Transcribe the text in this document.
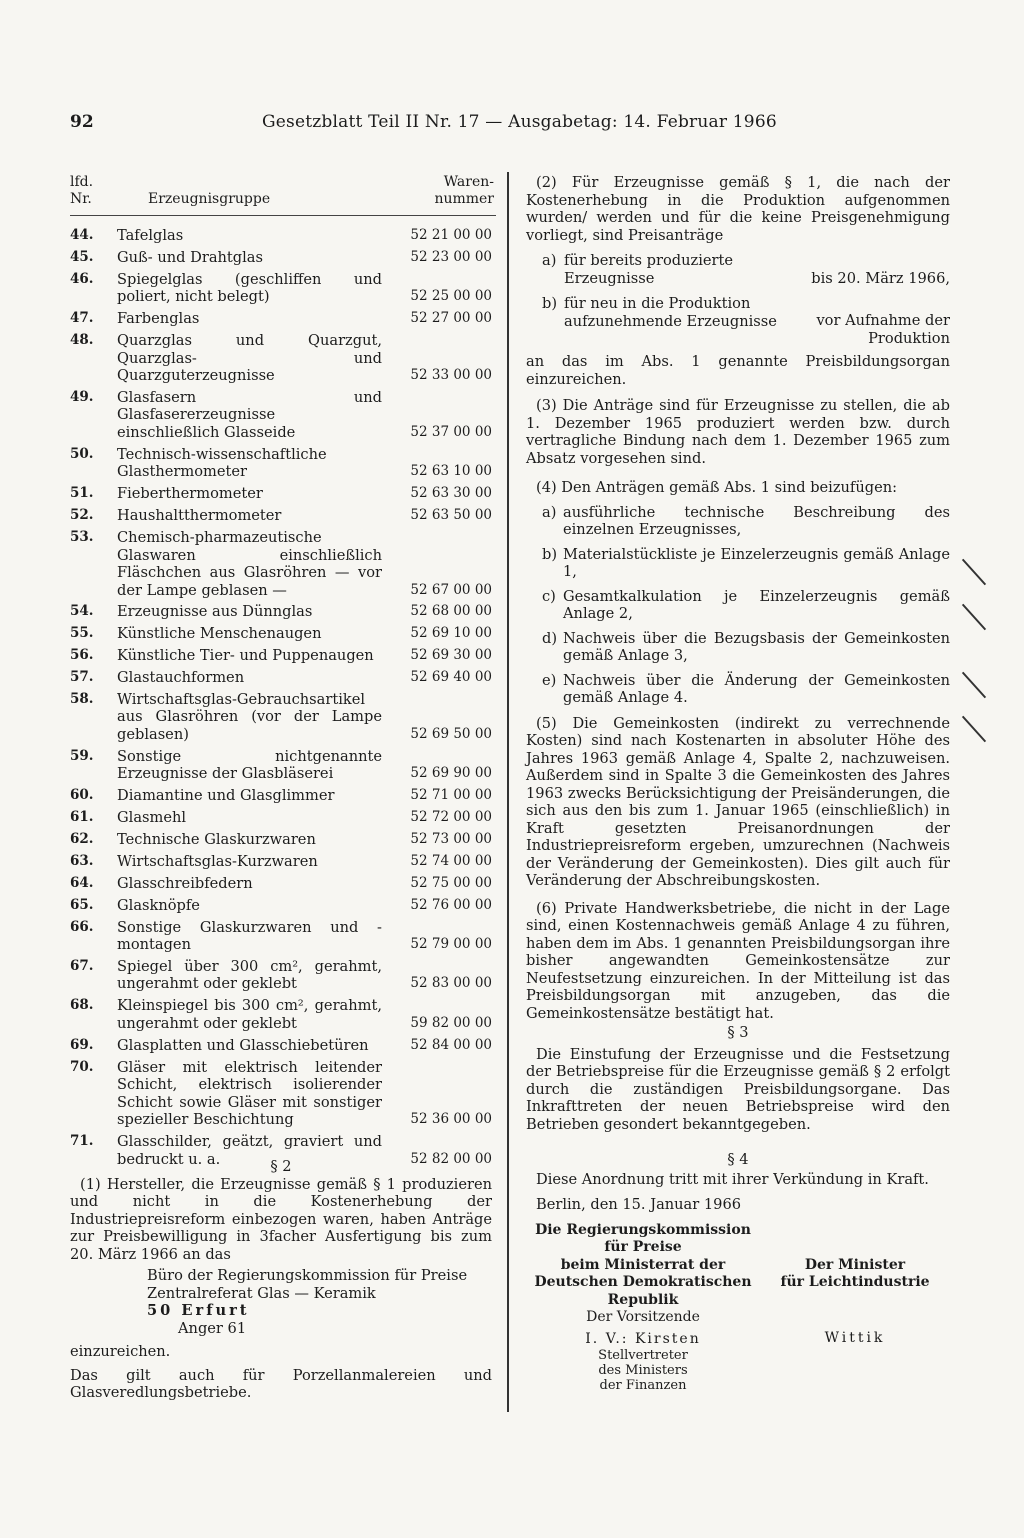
92	Gesetzblatt Teil II Nr. 17 — Ausgabetag: 14. Februar 1966
lfd.
Nr.	Erzeugnisgruppe
Waren-
nummer
44. Tafelglas	52 21 00 00
45. Guß- und Drahtglas	52 23 00 00
46. Spiegelglas (geschliffen und poliert, nicht belegt)	52 25 00 00
47. Farbenglas	52 27 00 00
48. Quarzglas und Quarzgut, Quarzglas- und Quarzguterzeugnisse	52 33 00 00
49. Glasfasern und Glasfasererzeugnisse einschließlich Glasseide	52 37 00 00
50. Technisch-wissenschaftliche Glasthermometer	52 63 10 00
51. Fieberthermometer	52 63 30 00
52. Haushaltthermometer	52 63 50 00
53. Chemisch-pharmazeutische Glaswaren einschließlich Fläschchen aus Glasröhren — vor der Lampe geblasen —	52 67 00 00
54. Erzeugnisse aus Dünnglas	52 68 00 00
55. Künstliche Menschenaugen	52 69 10 00
56. Künstliche Tier- und Puppenaugen	52 69 30 00
57. Glastauchformen	52 69 40 00
58. Wirtschaftsglas-Gebrauchsartikel aus Glasröhren (vor der Lampe geblasen)	52 69 50 00
59. Sonstige nichtgenannte Erzeugnisse der Glasbläserei	52 69 90 00
60. Diamantine und Glasglimmer	52 71 00 00
61. Glasmehl	52 72 00 00
62. Technische Glaskurzwaren	52 73 00 00
63. Wirtschaftsglas-Kurzwaren	52 74 00 00
64. Glasschreibfedern	52 75 00 00
65. Glasknöpfe	52 76 00 00
66. Sonstige Glaskurzwaren und -montagen	52 79 00 00
67. Spiegel über 300 cm², gerahmt, ungerahmt oder geklebt	52 83 00 00
68. Kleinspiegel bis 300 cm², gerahmt, ungerahmt oder geklebt	59 82 00 00
69. Glasplatten und Glasschiebetüren	52 84 00 00
70. Gläser mit elektrisch leitender Schicht, elektrisch isolierender Schicht sowie Gläser mit sonstiger spezieller Beschichtung	52 36 00 00
71. Glasschilder, geätzt, graviert und bedruckt u. a.	52 82 00 00
§ 2
(1) Hersteller, die Erzeugnisse gemäß § 1 produzieren und nicht in die Kostenerhebung der Industriepreisreform einbezogen waren, haben Anträge zur Preisbewilligung in 3facher Ausfertigung bis zum 20. März 1966 an das
Büro der Regierungskommission für Preise
Zentralreferat Glas — Keramik
50 Erfurt
Anger 61
einzureichen.
Das gilt auch für Porzellanmalereien und Glasveredlungsbetriebe.

(2) Für Erzeugnisse gemäß § 1, die nach der Kostenerhebung in die Produktion aufgenommen wurden/ werden und für die keine Preisgenehmigung vorliegt, sind Preisanträge

a) für bereits produzierte Erzeugnisse	bis 20. März 1966,
b) für neu in die Produktion aufzunehmende Erzeugnisse	vor Aufnahme der Produktion

an das im Abs. 1 genannte Preisbildungsorgan einzureichen.

(3) Die Anträge sind für Erzeugnisse zu stellen, die ab 1. Dezember 1965 produziert werden bzw. durch vertragliche Bindung nach dem 1. Dezember 1965 zum Absatz vorgesehen sind.

(4) Den Anträgen gemäß Abs. 1 sind beizufügen:

a) ausführliche technische Beschreibung des einzelnen Erzeugnisses,
b) Materialstückliste je Einzelerzeugnis gemäß Anlage 1,
c) Gesamtkalkulation je Einzelerzeugnis gemäß Anlage 2,
d) Nachweis über die Bezugsbasis der Gemeinkosten gemäß Anlage 3,
e) Nachweis über die Änderung der Gemeinkosten gemäß Anlage 4.

(5) Die Gemeinkosten (indirekt zu verrechnende Kosten) sind nach Kostenarten in absoluter Höhe des Jahres 1963 gemäß Anlage 4, Spalte 2, nachzuweisen. Außerdem sind in Spalte 3 die Gemeinkosten des Jahres 1963 zwecks Berücksichtigung der Preisänderungen, die sich aus den bis zum 1. Januar 1965 (einschließlich) in Kraft gesetzten Preisanordnungen der Industriepreisreform ergeben, umzurechnen (Nachweis der Veränderung der Gemeinkosten). Dies gilt auch für Veränderung der Abschreibungskosten.

(6) Private Handwerksbetriebe, die nicht in der Lage sind, einen Kostennachweis gemäß Anlage 4 zu führen, haben dem im Abs. 1 genannten Preisbildungsorgan ihre bisher angewandten Gemeinkostensätze zur Neufestsetzung einzureichen. In der Mitteilung ist das Preisbildungsorgan mit anzugeben, das die Gemeinkostensätze bestätigt hat.

§ 3

Die Einstufung der Erzeugnisse und die Festsetzung der Betriebspreise für die Erzeugnisse gemäß § 2 erfolgt durch die zuständigen Preisbildungsorgane. Das Inkrafttreten der neuen Betriebspreise wird den Betrieben gesondert bekanntgegeben.

§ 4

Diese Anordnung tritt mit ihrer Verkündung in Kraft.

Berlin, den 15. Januar 1966

Die Regierungskommission
für Preise
beim Ministerrat der
Deutschen Demokratischen
Republik
Der Vorsitzende
I. V.: Kirsten
Stellvertreter
des Ministers
der Finanzen
Der Minister
für Leichtindustrie
Wittik
